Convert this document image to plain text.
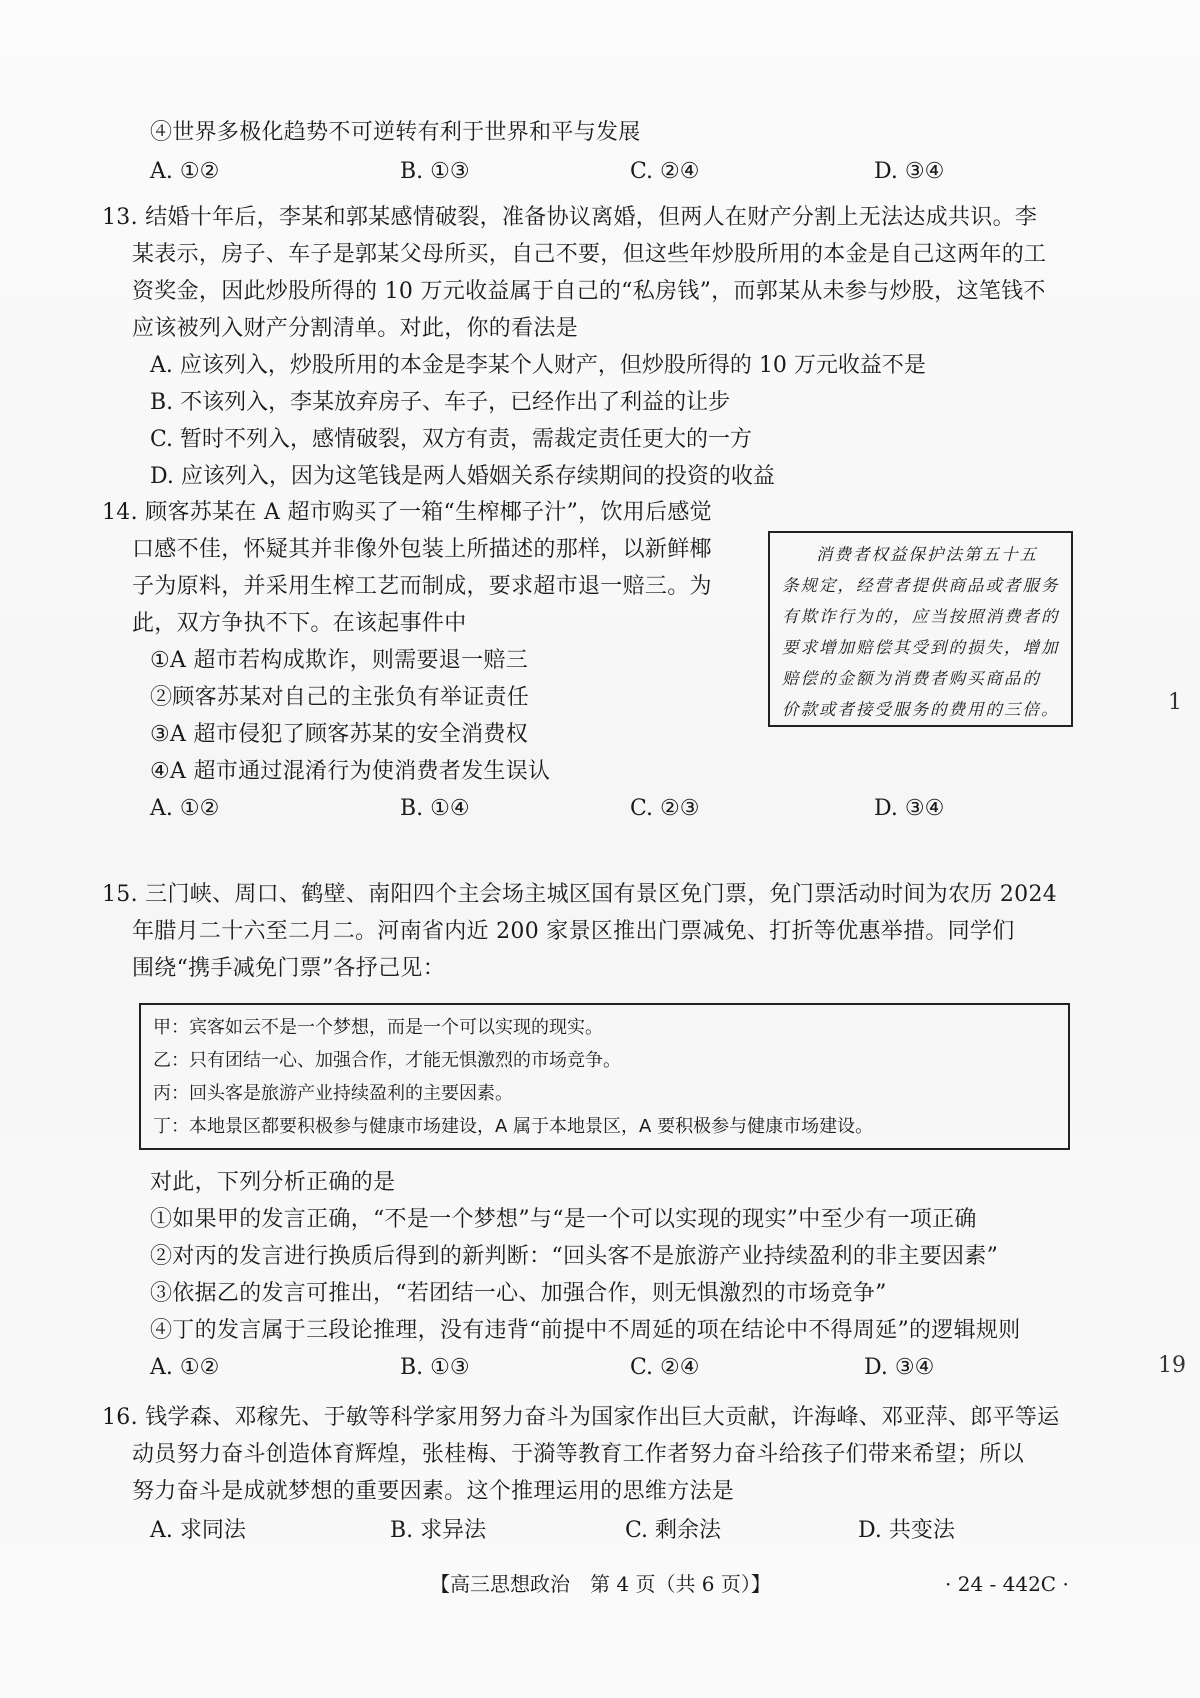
④世界多极化趋势不可逆转有利于世界和平与发展
A. ①②	B. ①③	C. ②④	D. ③④
13. 结婚十年后，李某和郭某感情破裂，准备协议离婚，但两人在财产分割上无法达成共识。李
某表示，房子、车子是郭某父母所买，自己不要，但这些年炒股所用的本金是自己这两年的工
资奖金，因此炒股所得的 10 万元收益属于自己的“私房钱”，而郭某从未参与炒股，这笔钱不
应该被列入财产分割清单。对此，你的看法是
A. 应该列入，炒股所用的本金是李某个人财产，但炒股所得的 10 万元收益不是
B. 不该列入，李某放弃房子、车子，已经作出了利益的让步
C. 暂时不列入，感情破裂，双方有责，需裁定责任更大的一方
D. 应该列入，因为这笔钱是两人婚姻关系存续期间的投资的收益
14. 顾客苏某在 A 超市购买了一箱“生榨椰子汁”，饮用后感觉
口感不佳，怀疑其并非像外包装上所描述的那样，以新鲜椰
子为原料，并采用生榨工艺而制成，要求超市退一赔三。为
此，双方争执不下。在该起事件中
消费者权益保护法第五十五
条规定，经营者提供商品或者服务
有欺诈行为的，应当按照消费者的
要求增加赔偿其受到的损失，增加
赔偿的金额为消费者购买商品的
价款或者接受服务的费用的三倍。
①A 超市若构成欺诈，则需要退一赔三
②顾客苏某对自己的主张负有举证责任
③A 超市侵犯了顾客苏某的安全消费权
④A 超市通过混淆行为使消费者发生误认
A. ①②	B. ①④	C. ②③	D. ③④
15. 三门峡、周口、鹤壁、南阳四个主会场主城区国有景区免门票，免门票活动时间为农历 2024
年腊月二十六至二月二。河南省内近 200 家景区推出门票减免、打折等优惠举措。同学们
围绕“携手减免门票”各抒己见：
甲：宾客如云不是一个梦想，而是一个可以实现的现实。
乙：只有团结一心、加强合作，才能无惧激烈的市场竞争。
丙：回头客是旅游产业持续盈利的主要因素。
丁：本地景区都要积极参与健康市场建设，A 属于本地景区，A 要积极参与健康市场建设。
对此，下列分析正确的是
①如果甲的发言正确，“不是一个梦想”与“是一个可以实现的现实”中至少有一项正确
②对丙的发言进行换质后得到的新判断：“回头客不是旅游产业持续盈利的非主要因素”
③依据乙的发言可推出，“若团结一心、加强合作，则无惧激烈的市场竞争”
④丁的发言属于三段论推理，没有违背“前提中不周延的项在结论中不得周延”的逻辑规则
A. ①②	B. ①③	C. ②④	D. ③④
16. 钱学森、邓稼先、于敏等科学家用努力奋斗为国家作出巨大贡献，许海峰、邓亚萍、郎平等运
动员努力奋斗创造体育辉煌，张桂梅、于漪等教育工作者努力奋斗给孩子们带来希望；所以
努力奋斗是成就梦想的重要因素。这个推理运用的思维方法是
A. 求同法	B. 求异法	C. 剩余法	D. 共变法
【高三思想政治　第 4 页（共 6 页）】	· 24 - 442C ·
1
19
